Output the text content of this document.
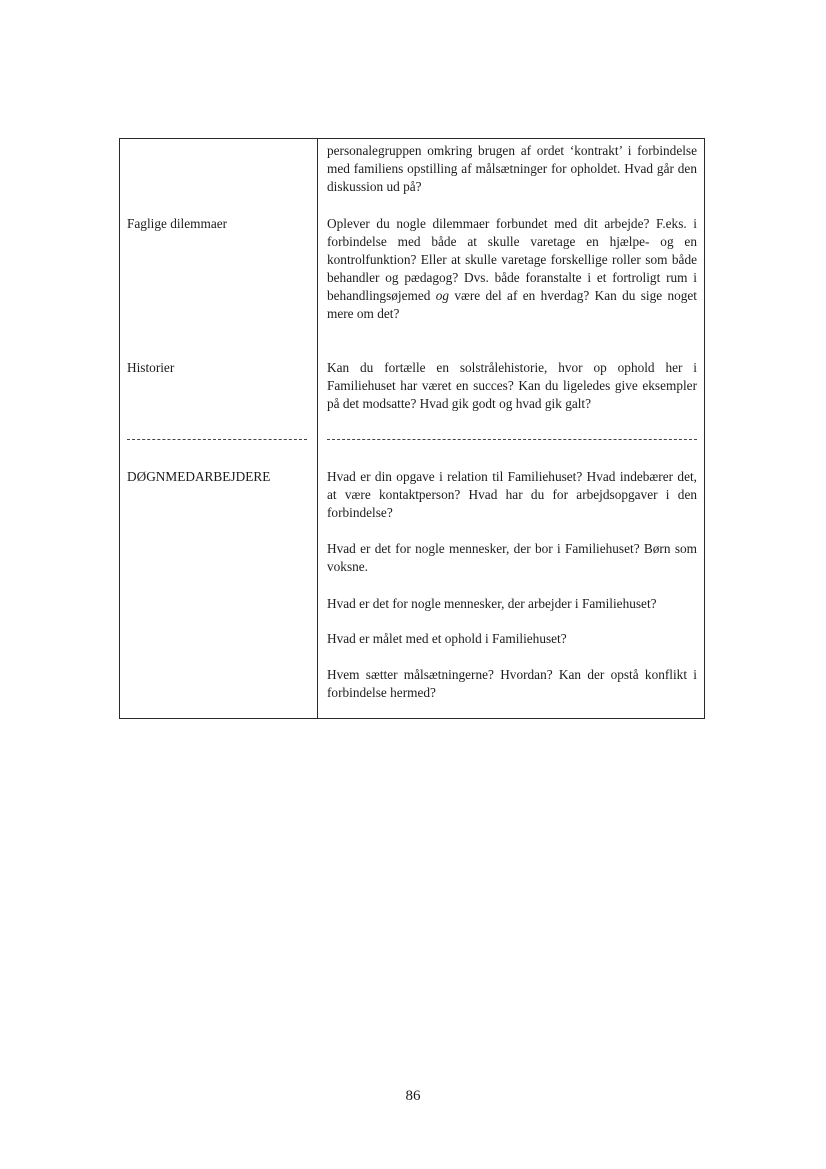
personalegruppen omkring brugen af ordet ‘kontrakt’ i forbindelse med familiens opstilling af målsætninger for opholdet. Hvad går den diskussion ud på?
Faglige dilemmaer	Oplever du nogle dilemmaer forbundet med dit arbejde? F.eks. i forbindelse med både at skulle varetage en hjælpe- og en kontrolfunktion? Eller at skulle varetage forskellige roller som både behandler og pædagog? Dvs. både foranstalte i et fortroligt rum i behandlingsøjemed og være del af en hverdag? Kan du sige noget mere om det?
Historier	Kan du fortælle en solstrålehistorie, hvor op ophold her i Familiehuset har været en succes? Kan du ligeledes give eksempler på det modsatte? Hvad gik godt og hvad gik galt?
DØGNMEDARBEJDERE	Hvad er din opgave i relation til Familiehuset? Hvad indebærer det, at være kontaktperson? Hvad har du for arbejdsopgaver i den forbindelse?
Hvad er det for nogle mennesker, der bor i Familiehuset? Børn som voksne.
Hvad er det for nogle mennesker, der arbejder i Familiehuset?
Hvad er målet med et ophold i Familiehuset?
Hvem sætter målsætningerne? Hvordan? Kan der opstå konflikt i forbindelse hermed?
86
